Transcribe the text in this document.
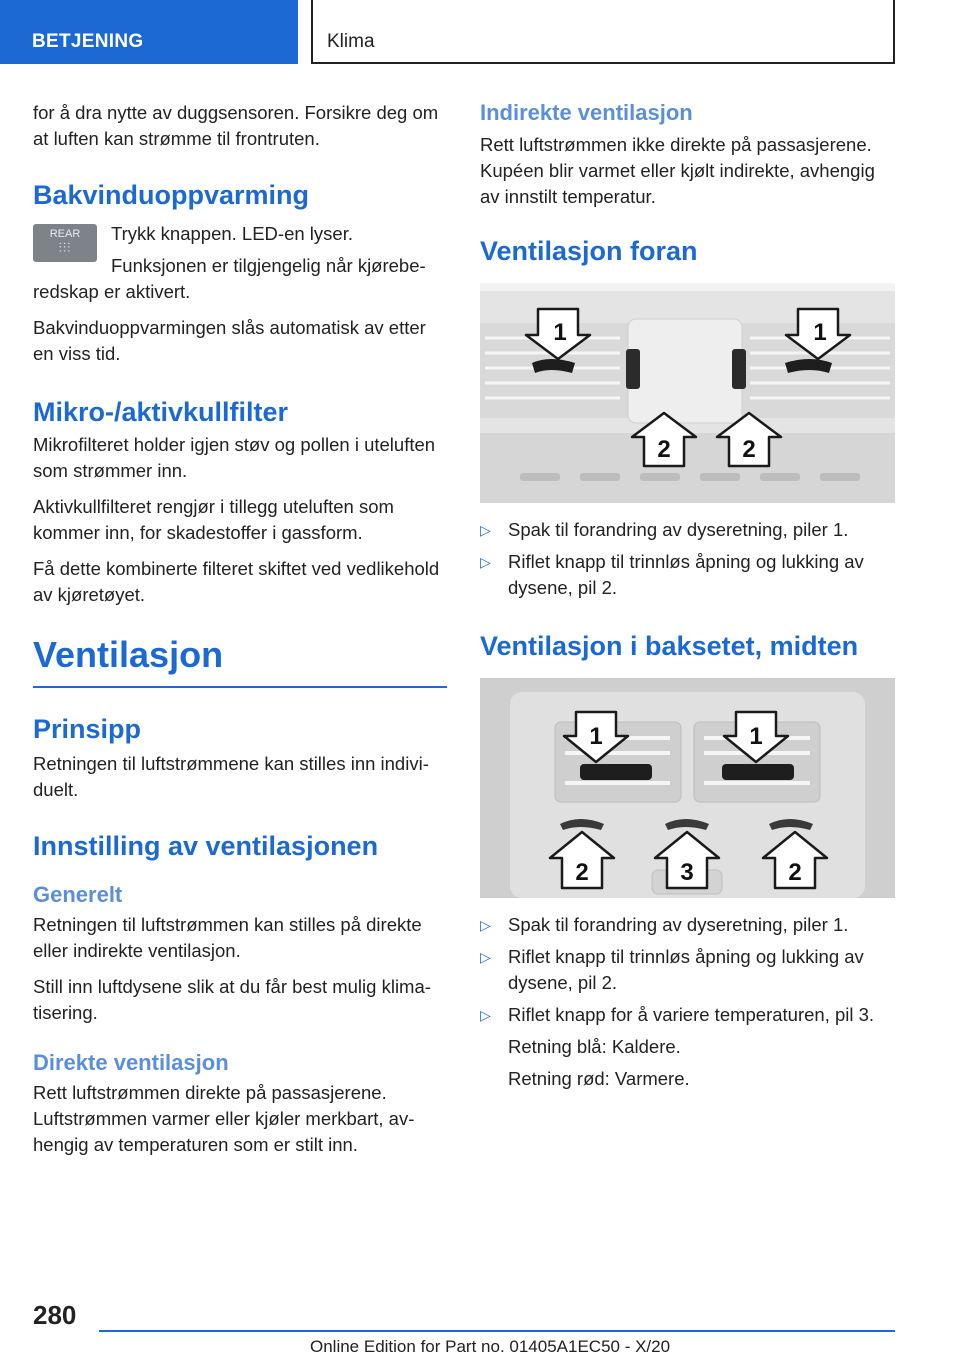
BETJENING	Klima

for å dra nytte av duggsensoren. Forsikre deg om at luften kan strømme til frontruten.

Bakvinduoppvarming
REAR
⫶⫶⫶

Trykk knappen. LED-en lyser.

Funksjonen er tilgjengelig når kjøreberedskap er aktivert.

Bakvinduoppvarmingen slås automatisk av etter en viss tid.

Mikro-/aktivkullfilter

Mikrofilteret holder igjen støv og pollen i uteluften som strømmer inn.

Aktivkullfilteret rengjør i tillegg uteluften som kommer inn, for skadestoffer i gassform.

Få dette kombinerte filteret skiftet ved vedlikehold av kjøretøyet.

Ventilasjon
Prinsipp

Retningen til luftstrømmene kan stilles inn individuelt.

Innstilling av ventilasjonen
Generelt

Retningen til luftstrømmen kan stilles på direkte eller indirekte ventilasjon.

Still inn luftdysene slik at du får best mulig klimatisering.

Direkte ventilasjon

Rett luftstrømmen direkte på passasjerene. Luftstrømmen varmer eller kjøler merkbart, avhengig av temperaturen som er stilt inn.

Indirekte ventilasjon

Rett luftstrømmen ikke direkte på passasjerene. Kupéen blir varmet eller kjølt indirekte, avhengig av innstilt temperatur.

Ventilasjon foran
1	1
2	2
▷ Spak til forandring av dyseretning, piler 1.
▷ Riflet knapp til trinnløs åpning og lukking av dysene, pil 2.
Ventilasjon i baksetet, midten
1	1
2	3	2
▷ Spak til forandring av dyseretning, piler 1.
▷ Riflet knapp til trinnløs åpning og lukking av dysene, pil 2.
▷ Riflet knapp for å variere temperaturen, pil 3.
Retning blå: Kaldere.
Retning rød: Varmere.
280
Online Edition for Part no. 01405A1EC50 - X/20
